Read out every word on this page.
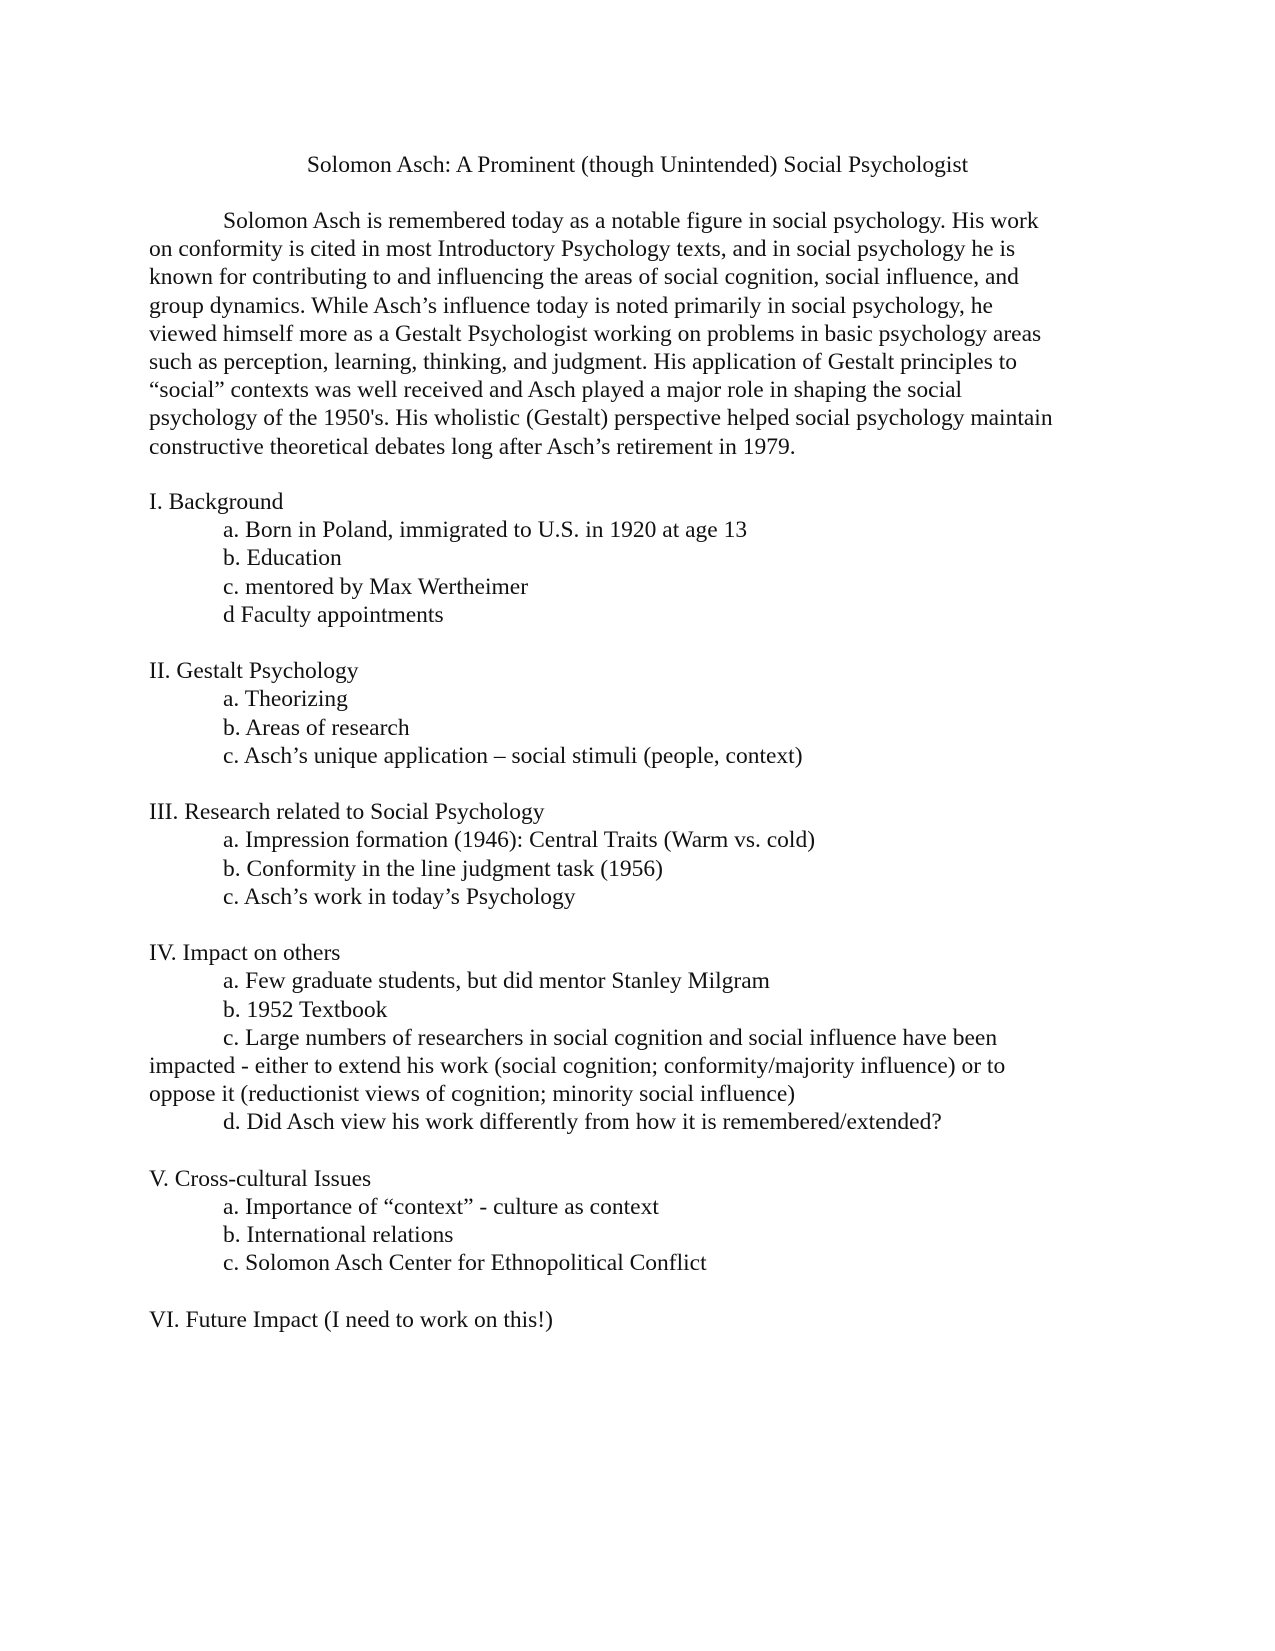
Solomon Asch: A Prominent (though Unintended) Social Psychologist
Solomon Asch is remembered today as a notable figure in social psychology. His work
on conformity is cited in most Introductory Psychology texts, and in social psychology he is
known for contributing to and influencing the areas of social cognition, social influence, and
group dynamics. While Asch’s influence today is noted primarily in social psychology, he
viewed himself more as a Gestalt Psychologist working on problems in basic psychology areas
such as perception, learning, thinking, and judgment. His application of Gestalt principles to
“social” contexts was well received and Asch played a major role in shaping the social
psychology of the 1950's. His wholistic (Gestalt) perspective helped social psychology maintain
constructive theoretical debates long after Asch’s retirement in 1979.
I. Background
a. Born in Poland, immigrated to U.S. in 1920 at age 13
b. Education
c. mentored by Max Wertheimer
d Faculty appointments
II. Gestalt Psychology
a. Theorizing
b. Areas of research
c. Asch’s unique application – social stimuli (people, context)
III. Research related to Social Psychology
a. Impression formation (1946): Central Traits (Warm vs. cold)
b. Conformity in the line judgment task (1956)
c. Asch’s work in today’s Psychology
IV. Impact on others
a. Few graduate students, but did mentor Stanley Milgram
b. 1952 Textbook
c. Large numbers of researchers in social cognition and social influence have been
impacted - either to extend his work (social cognition; conformity/majority influence) or to
oppose it (reductionist views of cognition; minority social influence)
d. Did Asch view his work differently from how it is remembered/extended?
V. Cross-cultural Issues
a. Importance of “context” - culture as context
b. International relations
c. Solomon Asch Center for Ethnopolitical Conflict
VI. Future Impact (I need to work on this!)
